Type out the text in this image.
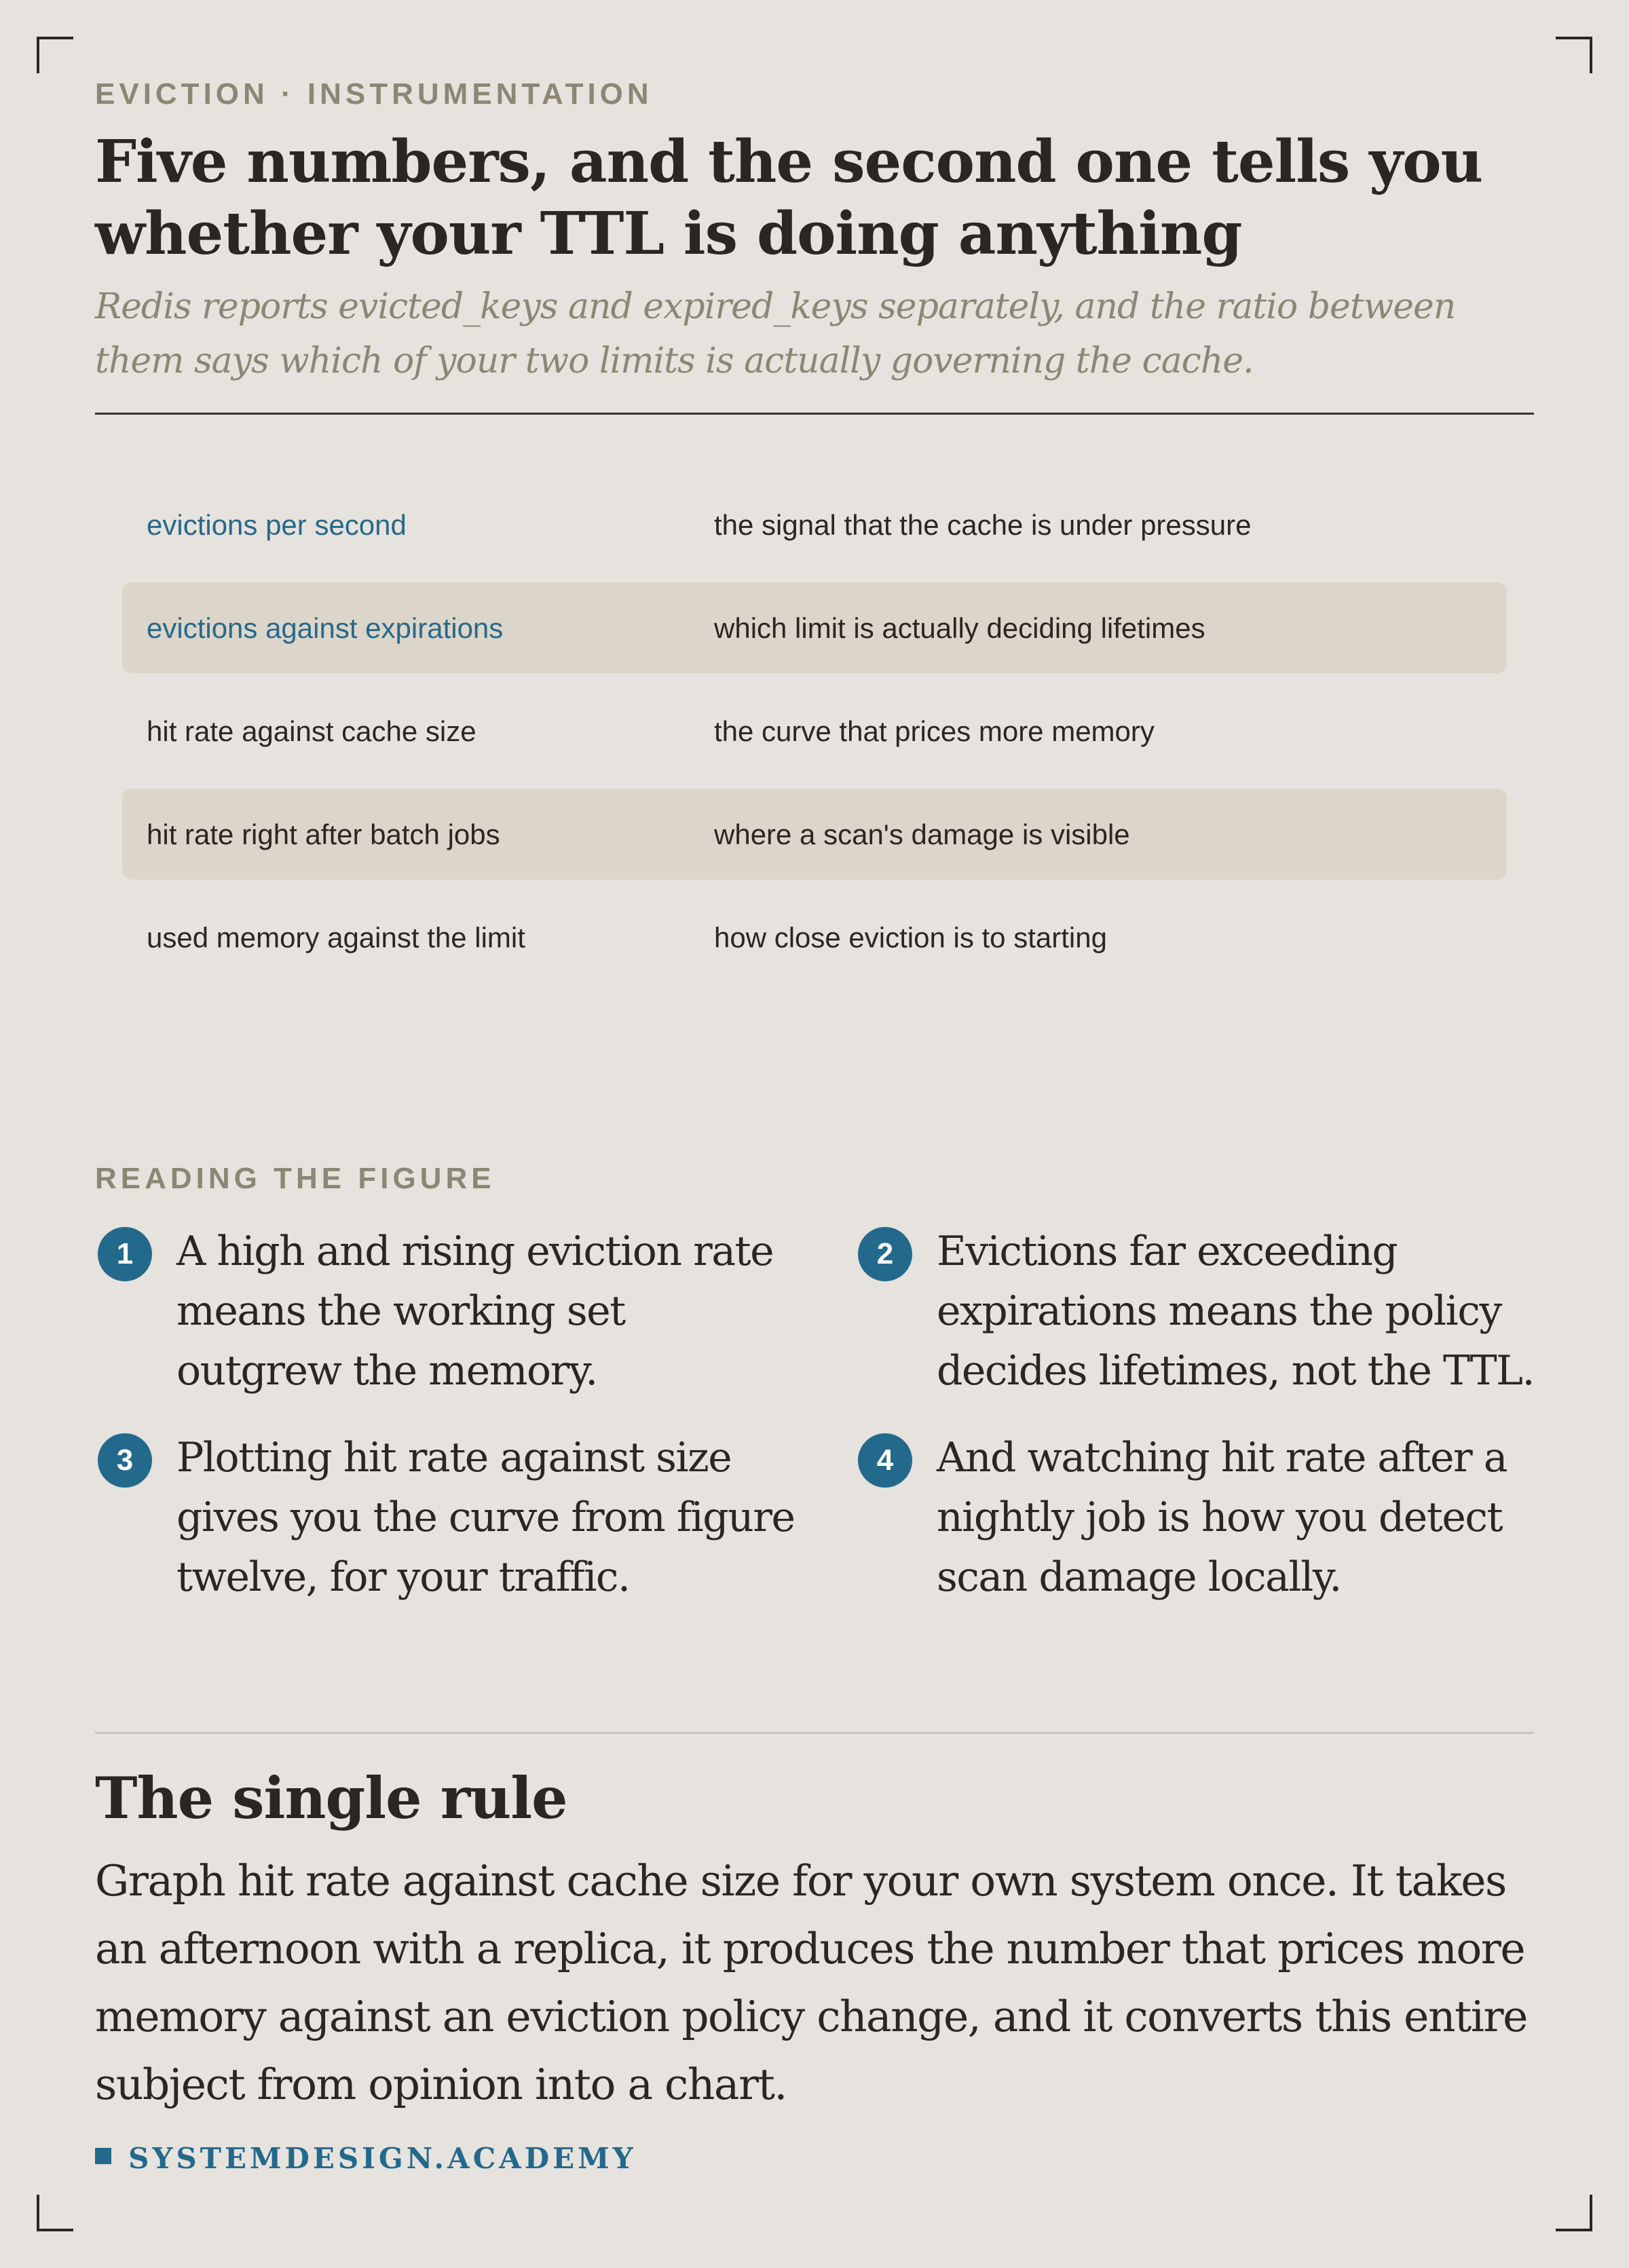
EVICTION · INSTRUMENTATION
Five numbers, and the second one tells you whether your TTL is doing anything

Redis reports evicted_keys and expired_keys separately, and the ratio between them says which of your two limits is actually governing the cache.

evictions per second	the signal that the cache is under pressure
evictions against expirations	which limit is actually deciding lifetimes
hit rate against cache size	the curve that prices more memory
hit rate right after batch jobs	where a scan's damage is visible
used memory against the limit	how close eviction is to starting
READING THE FIGURE
1	A high and rising eviction rate means the working set outgrew the memory.

2	Evictions far exceeding expirations means the policy decides lifetimes, not the TTL.

3	Plotting hit rate against size gives you the curve from figure twelve, for your traffic.

4	And watching hit rate after a nightly job is how you detect scan damage locally.

The single rule

Graph hit rate against cache size for your own system once. It takes an afternoon with a replica, it produces the number that prices more memory against an eviction policy change, and it converts this entire subject from opinion into a chart.

SYSTEMDESIGN.ACADEMY
